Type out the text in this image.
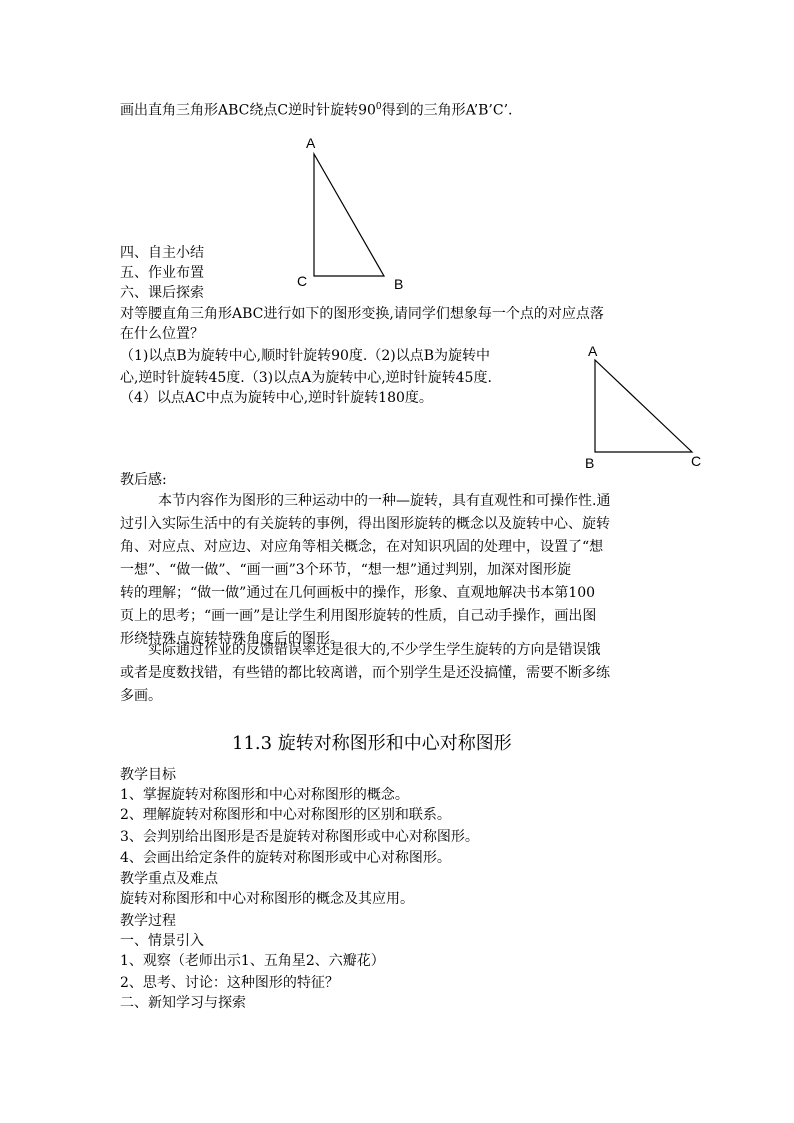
画出直角三角形ABC绕点C逆时针旋转$90^0$得到的三角形A’B’C’.
A
C	B
四、自主小结
五、作业布置
六、课后探索
对等腰直角三角形ABC进行如下的图形变换,请同学们想象每一个点的对应点落
在什么位置？
（1)以点B为旋转中心,顺时针旋转90度.（2)以点B为旋转中
心,逆时针旋转45度.（3)以点A为旋转中心,逆时针旋转45度.
（4）以点AC中点为旋转中心,逆时针旋转180度。
A
B	C
教后感:
本节内容作为图形的三种运动中的一种—旋转，具有直观性和可操作性.通
过引入实际生活中的有关旋转的事例，得出图形旋转的概念以及旋转中心、旋转
角、对应点、对应边、对应角等相关概念，在对知识巩固的处理中，设置了“想
一想”、“做一做”、“画一画”3个环节，“想一想”通过判别，加深对图形旋
转的理解；“做一做”通过在几何画板中的操作，形象、直观地解决书本第100
页上的思考；“画一画”是让学生利用图形旋转的性质，自己动手操作，画出图
形绕特殊点旋转特殊角度后的图形。
实际通过作业的反馈错误率还是很大的,不少学生学生旋转的方向是错误饿
或者是度数找错，有些错的都比较离谱，而个别学生是还没搞懂，需要不断多练
多画。
11.3 旋转对称图形和中心对称图形
教学目标
1、掌握旋转对称图形和中心对称图形的概念。
2、理解旋转对称图形和中心对称图形的区别和联系。
3、会判别给出图形是否是旋转对称图形或中心对称图形。
4、会画出给定条件的旋转对称图形或中心对称图形。
教学重点及难点
旋转对称图形和中心对称图形的概念及其应用。
教学过程
一、情景引入
1、观察（老师出示1、五角星2、六瓣花）
2、思考、讨论：这种图形的特征？
二、新知学习与探索
